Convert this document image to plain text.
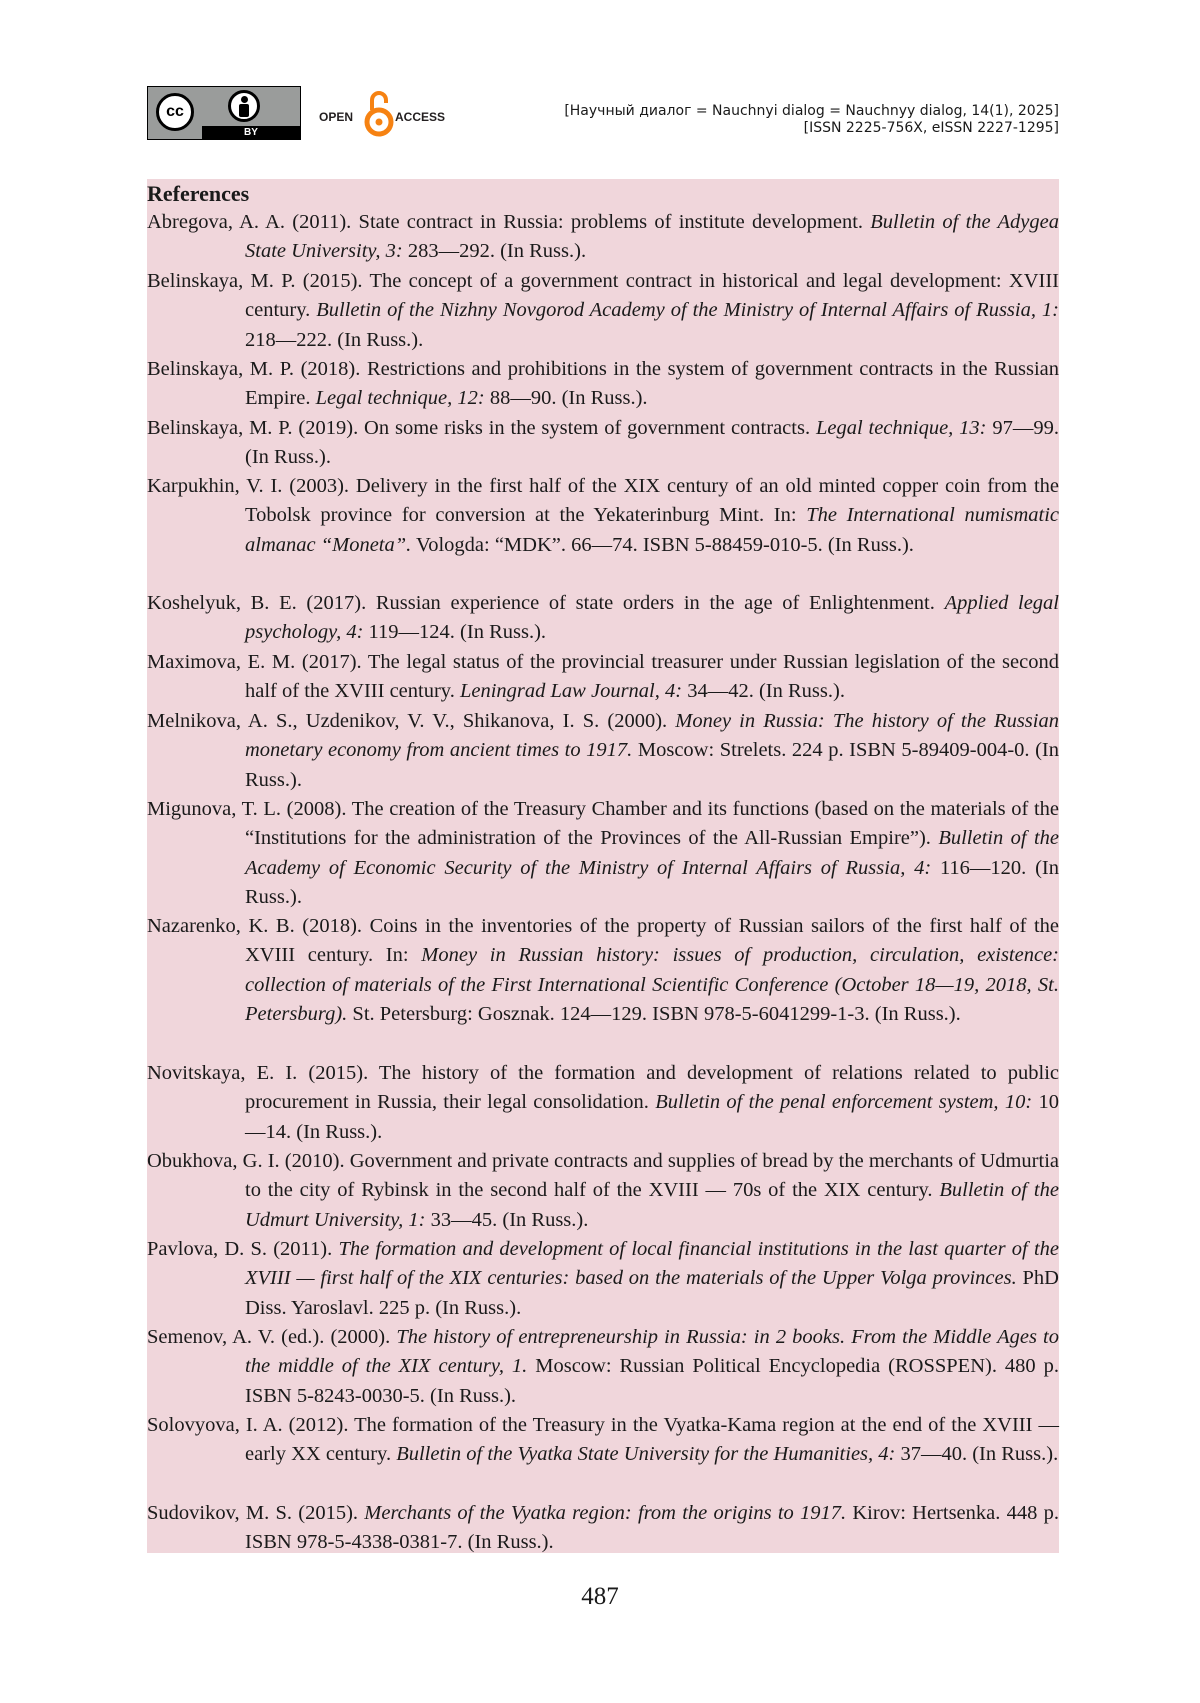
cc
BY
OPEN	ACCESS	[Научный диалог = Nauchnyi dialog = Nauchnyy dialog, 14(1), 2025]
[ISSN 2225-756X, eISSN 2227-1295]
References
Abregova, A. A. (2011). State contract in Russia: problems of institute development. Bulletin of the Adygea State University, 3: 283—292. (In Russ.).
Belinskaya, M. P. (2015). The concept of a government contract in historical and legal development: XVIII century. Bulletin of the Nizhny Novgorod Academy of the Ministry of Internal Affairs of Russia, 1: 218—222. (In Russ.).
Belinskaya, M. P. (2018). Restrictions and prohibitions in the system of government contracts in the Russian Empire. Legal technique, 12: 88—90. (In Russ.).
Belinskaya, M. P. (2019). On some risks in the system of government contracts. Legal technique, 13: 97—99. (In Russ.).
Karpukhin, V. I. (2003). Delivery in the first half of the XIX century of an old minted copper coin from the Tobolsk province for conversion at the Yekaterinburg Mint. In: The International numismatic almanac “Moneta”. Vologda: “MDK”. 66—74. ISBN 5-88459-010-5. (In Russ.).
Koshelyuk, B. E. (2017). Russian experience of state orders in the age of Enlightenment. Applied legal psychology, 4: 119—124. (In Russ.).
Maximova, E. M. (2017). The legal status of the provincial treasurer under Russian legislation of the second half of the XVIII century. Leningrad Law Journal, 4: 34—42. (In Russ.).
Melnikova, A. S., Uzdenikov, V. V., Shikanova, I. S. (2000). Money in Russia: The history of the Russian monetary economy from ancient times to 1917. Moscow: Strelets. 224 p. ISBN 5-89409-004-0. (In Russ.).
Migunova, T. L. (2008). The creation of the Treasury Chamber and its functions (based on the materials of the “Institutions for the administration of the Provinces of the All-Russian Empire”). Bulletin of the Academy of Economic Security of the Ministry of Internal Affairs of Russia, 4: 116—120. (In Russ.).
Nazarenko, K. B. (2018). Coins in the inventories of the property of Russian sailors of the first half of the XVIII century. In: Money in Russian history: issues of production, circulation, existence: collection of materials of the First International Scientific Conference (October 18—19, 2018, St. Petersburg). St. Petersburg: Gosznak. 124—129. ISBN 978-5-6041299-1-3. (In Russ.).
Novitskaya, E. I. (2015). The history of the formation and development of relations related to public procurement in Russia, their legal consolidation. Bulletin of the penal enforcement system, 10: 10—14. (In Russ.).
Obukhova, G. I. (2010). Government and private contracts and supplies of bread by the merchants of Udmurtia to the city of Rybinsk in the second half of the XVIII — 70s of the XIX century. Bulletin of the Udmurt University, 1: 33—45. (In Russ.).
Pavlova, D. S. (2011). The formation and development of local financial institutions in the last quarter of the XVIII — first half of the XIX centuries: based on the materials of the Upper Volga provinces. PhD Diss. Yaroslavl. 225 p. (In Russ.).
Semenov, A. V. (ed.). (2000). The history of entrepreneurship in Russia: in 2 books. From the Middle Ages to the middle of the XIX century, 1. Moscow: Russian Political Encyclopedia (ROSSPEN). 480 p. ISBN 5-8243-0030-5. (In Russ.).
Solovyova, I. A. (2012). The formation of the Treasury in the Vyatka-Kama region at the end of the XVIII — early XX century. Bulletin of the Vyatka State University for the Humanities, 4: 37—40. (In Russ.).
Sudovikov, M. S. (2015). Merchants of the Vyatka region: from the origins to 1917. Kirov: Hertsenka. 448 p. ISBN 978-5-4338-0381-7. (In Russ.).
487
